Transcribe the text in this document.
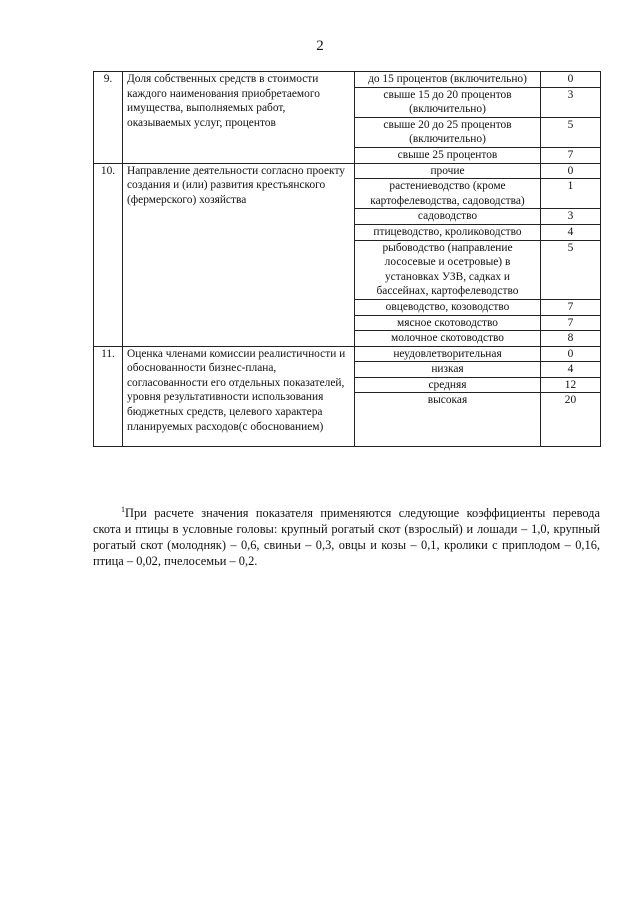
2
9.	Доля собственных средств в стоимости каждого наименования приобретаемого имущества, выполняемых работ, оказываемых услуг, процентов	до 15 процентов (включительно)	0
		свыше 15 до 20 процентов (включительно)	3
		свыше 20 до 25 процентов (включительно)	5
		свыше 25 процентов	7
10.	Направление деятельности согласно проекту создания и (или) развития крестьянского (фермерского) хозяйства	прочие	0
		растениеводство (кроме картофелеводства, садоводства)	1
		садоводство	3
		птицеводство, кролиководство	4
		рыбоводство (направление лососевые и осетровые) в установках УЗВ, садках и бассейнах, картофелеводство	5
		овцеводство, козоводство	7
		мясное скотоводство	7
		молочное скотоводство	8
11.	Оценка членами комиссии реалистичности и обоснованности бизнес-плана, согласованности его отдельных показателей, уровня результативности использования бюджетных средств, целевого характера планируемых расходов(с обоснованием)	неудовлетворительная	0
		низкая	4
		средняя	12
		высокая	20
$^1$При расчете значения показателя применяются следующие коэффициенты перевода скота и птицы в условные головы: крупный рогатый скот (взрослый) и лошади – 1,0, крупный рогатый скот (молодняк) – 0,6, свиньи – 0,3, овцы и козы – 0,1, кролики с приплодом – 0,16, птица – 0,02, пчелосемьи – 0,2.
